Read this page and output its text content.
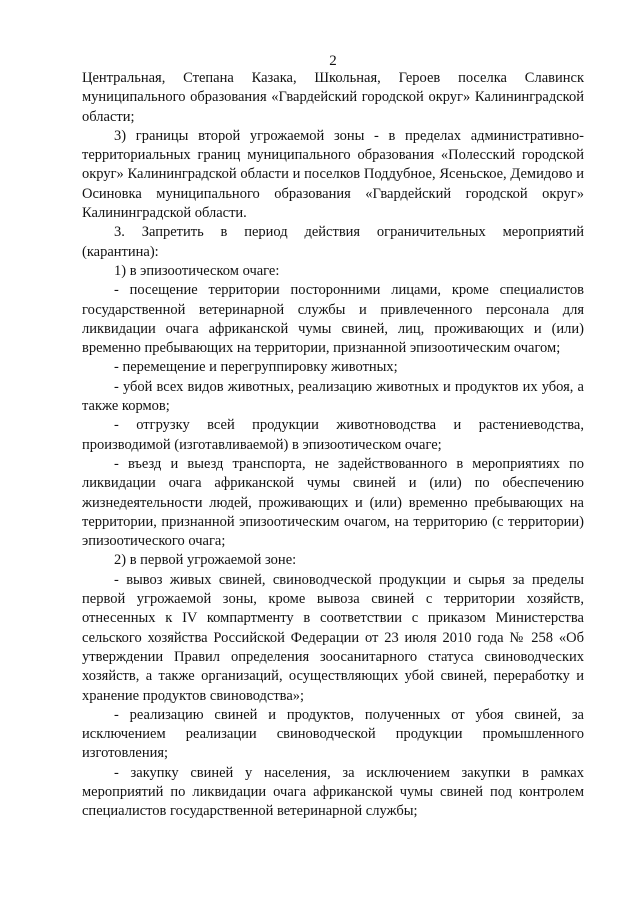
2

Центральная, Степана Казака, Школьная, Героев поселка Славинск муниципального образования «Гвардейский городской округ» Калининградской области;

3) границы второй угрожаемой зоны - в пределах административно-территориальных границ муниципального образования «Полесский городской округ» Калининградской области и поселков Поддубное, Ясеньское, Демидово и Осиновка муниципального образования «Гвардейский городской округ» Калининградской области.

3. Запретить в период действия ограничительных мероприятий (карантина):

1) в эпизоотическом очаге:

- посещение территории посторонними лицами, кроме специалистов государственной ветеринарной службы и привлеченного персонала для ликвидации очага африканской чумы свиней, лиц, проживающих и (или) временно пребывающих на территории, признанной эпизоотическим очагом;

- перемещение и перегруппировку животных;

- убой всех видов животных, реализацию животных и продуктов их убоя, а также кормов;

- отгрузку всей продукции животноводства и растениеводства, производимой (изготавливаемой) в эпизоотическом очаге;

- въезд и выезд транспорта, не задействованного в мероприятиях по ликвидации очага африканской чумы свиней и (или) по обеспечению жизнедеятельности людей, проживающих и (или) временно пребывающих на территории, признанной эпизоотическим очагом, на территорию (с территории) эпизоотического очага;

2) в первой угрожаемой зоне:

- вывоз живых свиней, свиноводческой продукции и сырья за пределы первой угрожаемой зоны, кроме вывоза свиней с территории хозяйств, отнесенных к IV компартменту в соответствии с приказом Министерства сельского хозяйства Российской Федерации от 23 июля 2010 года № 258 «Об утверждении Правил определения зоосанитарного статуса свиноводческих хозяйств, а также организаций, осуществляющих убой свиней, переработку и хранение продуктов свиноводства»;

- реализацию свиней и продуктов, полученных от убоя свиней, за исключением реализации свиноводческой продукции промышленного изготовления;

- закупку свиней у населения, за исключением закупки в рамках мероприятий по ликвидации очага африканской чумы свиней под контролем специалистов государственной ветеринарной службы;
